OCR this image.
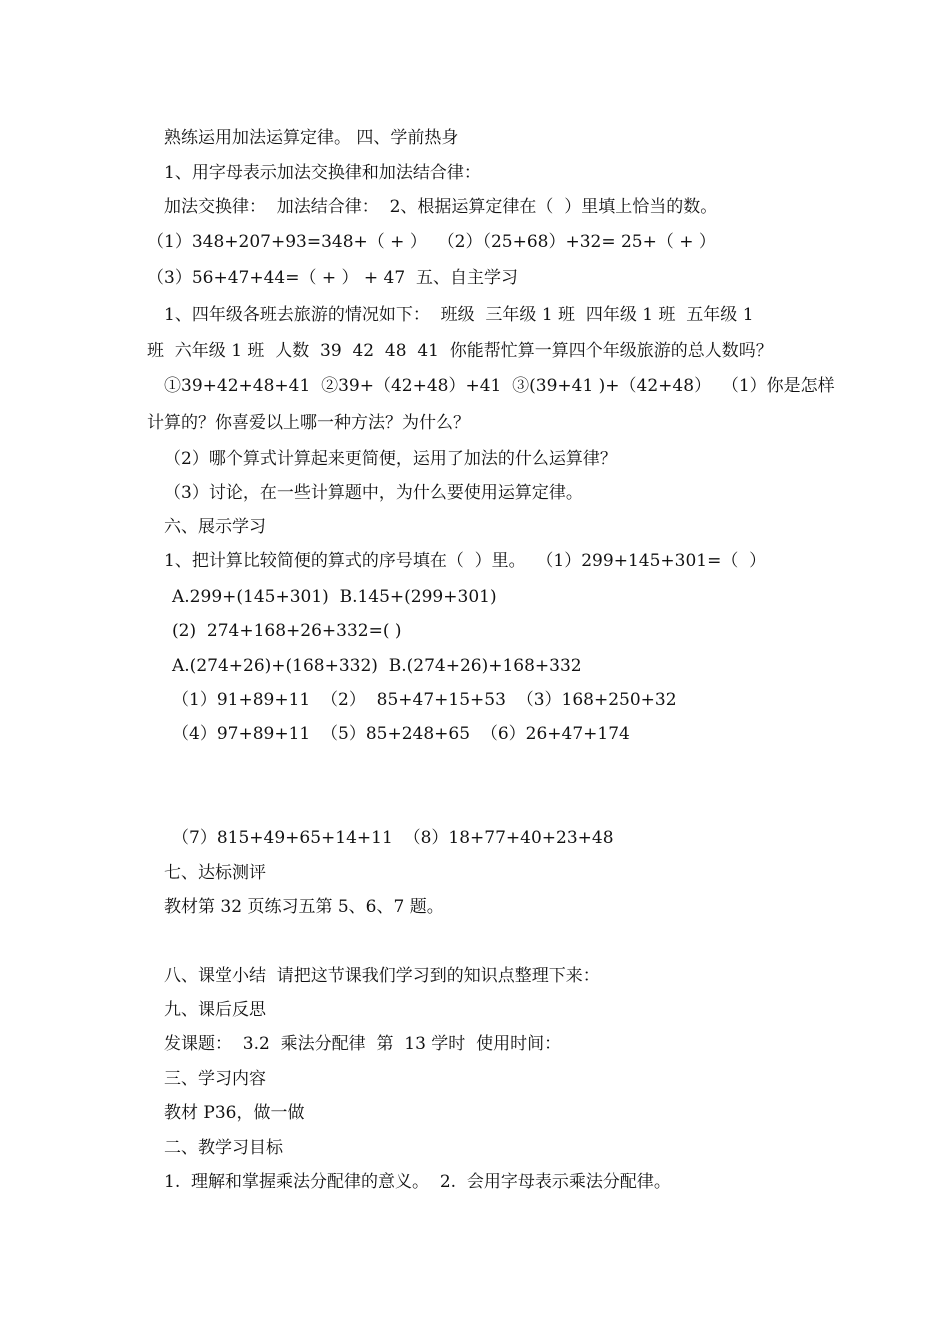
熟练运用加法运算定律。 四、学前热身
1、用字母表示加法交换律和加法结合律：
加法交换律：  加法结合律：  2、根据运算定律在（  ）里填上恰当的数。
（1）348+207+93=348+（ + ）  （2）（25+68）+32= 25+（ + ）
（3）56+47+44=（ + ） + 47  五、自主学习
1、四年级各班去旅游的情况如下：  班级  三年级 1 班  四年级 1 班  五年级 1
班  六年级 1 班  人数  39  42  48  41  你能帮忙算一算四个年级旅游的总人数吗？
①39+42+48+41  ②39+（42+48）+41  ③(39+41 )+（42+48）  （1）你是怎样
计算的？你喜爱以上哪一种方法？为什么？
（2）哪个算式计算起来更简便，运用了加法的什么运算律？
（3）讨论，在一些计算题中，为什么要使用运算定律。
六、展示学习
1、把计算比较简便的算式的序号填在（  ）里。  （1）299+145+301=（  ）
A.299+(145+301)  B.145+(299+301)
(2)  274+168+26+332=( )
A.(274+26)+(168+332)  B.(274+26)+168+332
（1）91+89+11  （2）  85+47+15+53  （3）168+250+32
（4）97+89+11  （5）85+248+65  （6）26+47+174
（7）815+49+65+14+11  （8）18+77+40+23+48
七、达标测评
教材第 32 页练习五第 5、6、7 题。
八、课堂小结  请把这节课我们学习到的知识点整理下来：
九、课后反思
发课题：  3.2  乘法分配律  第  13 学时  使用时间：
三、学习内容
教材 P36，做一做
二、教学习目标
1.  理解和掌握乘法分配律的意义。  2.  会用字母表示乘法分配律。
